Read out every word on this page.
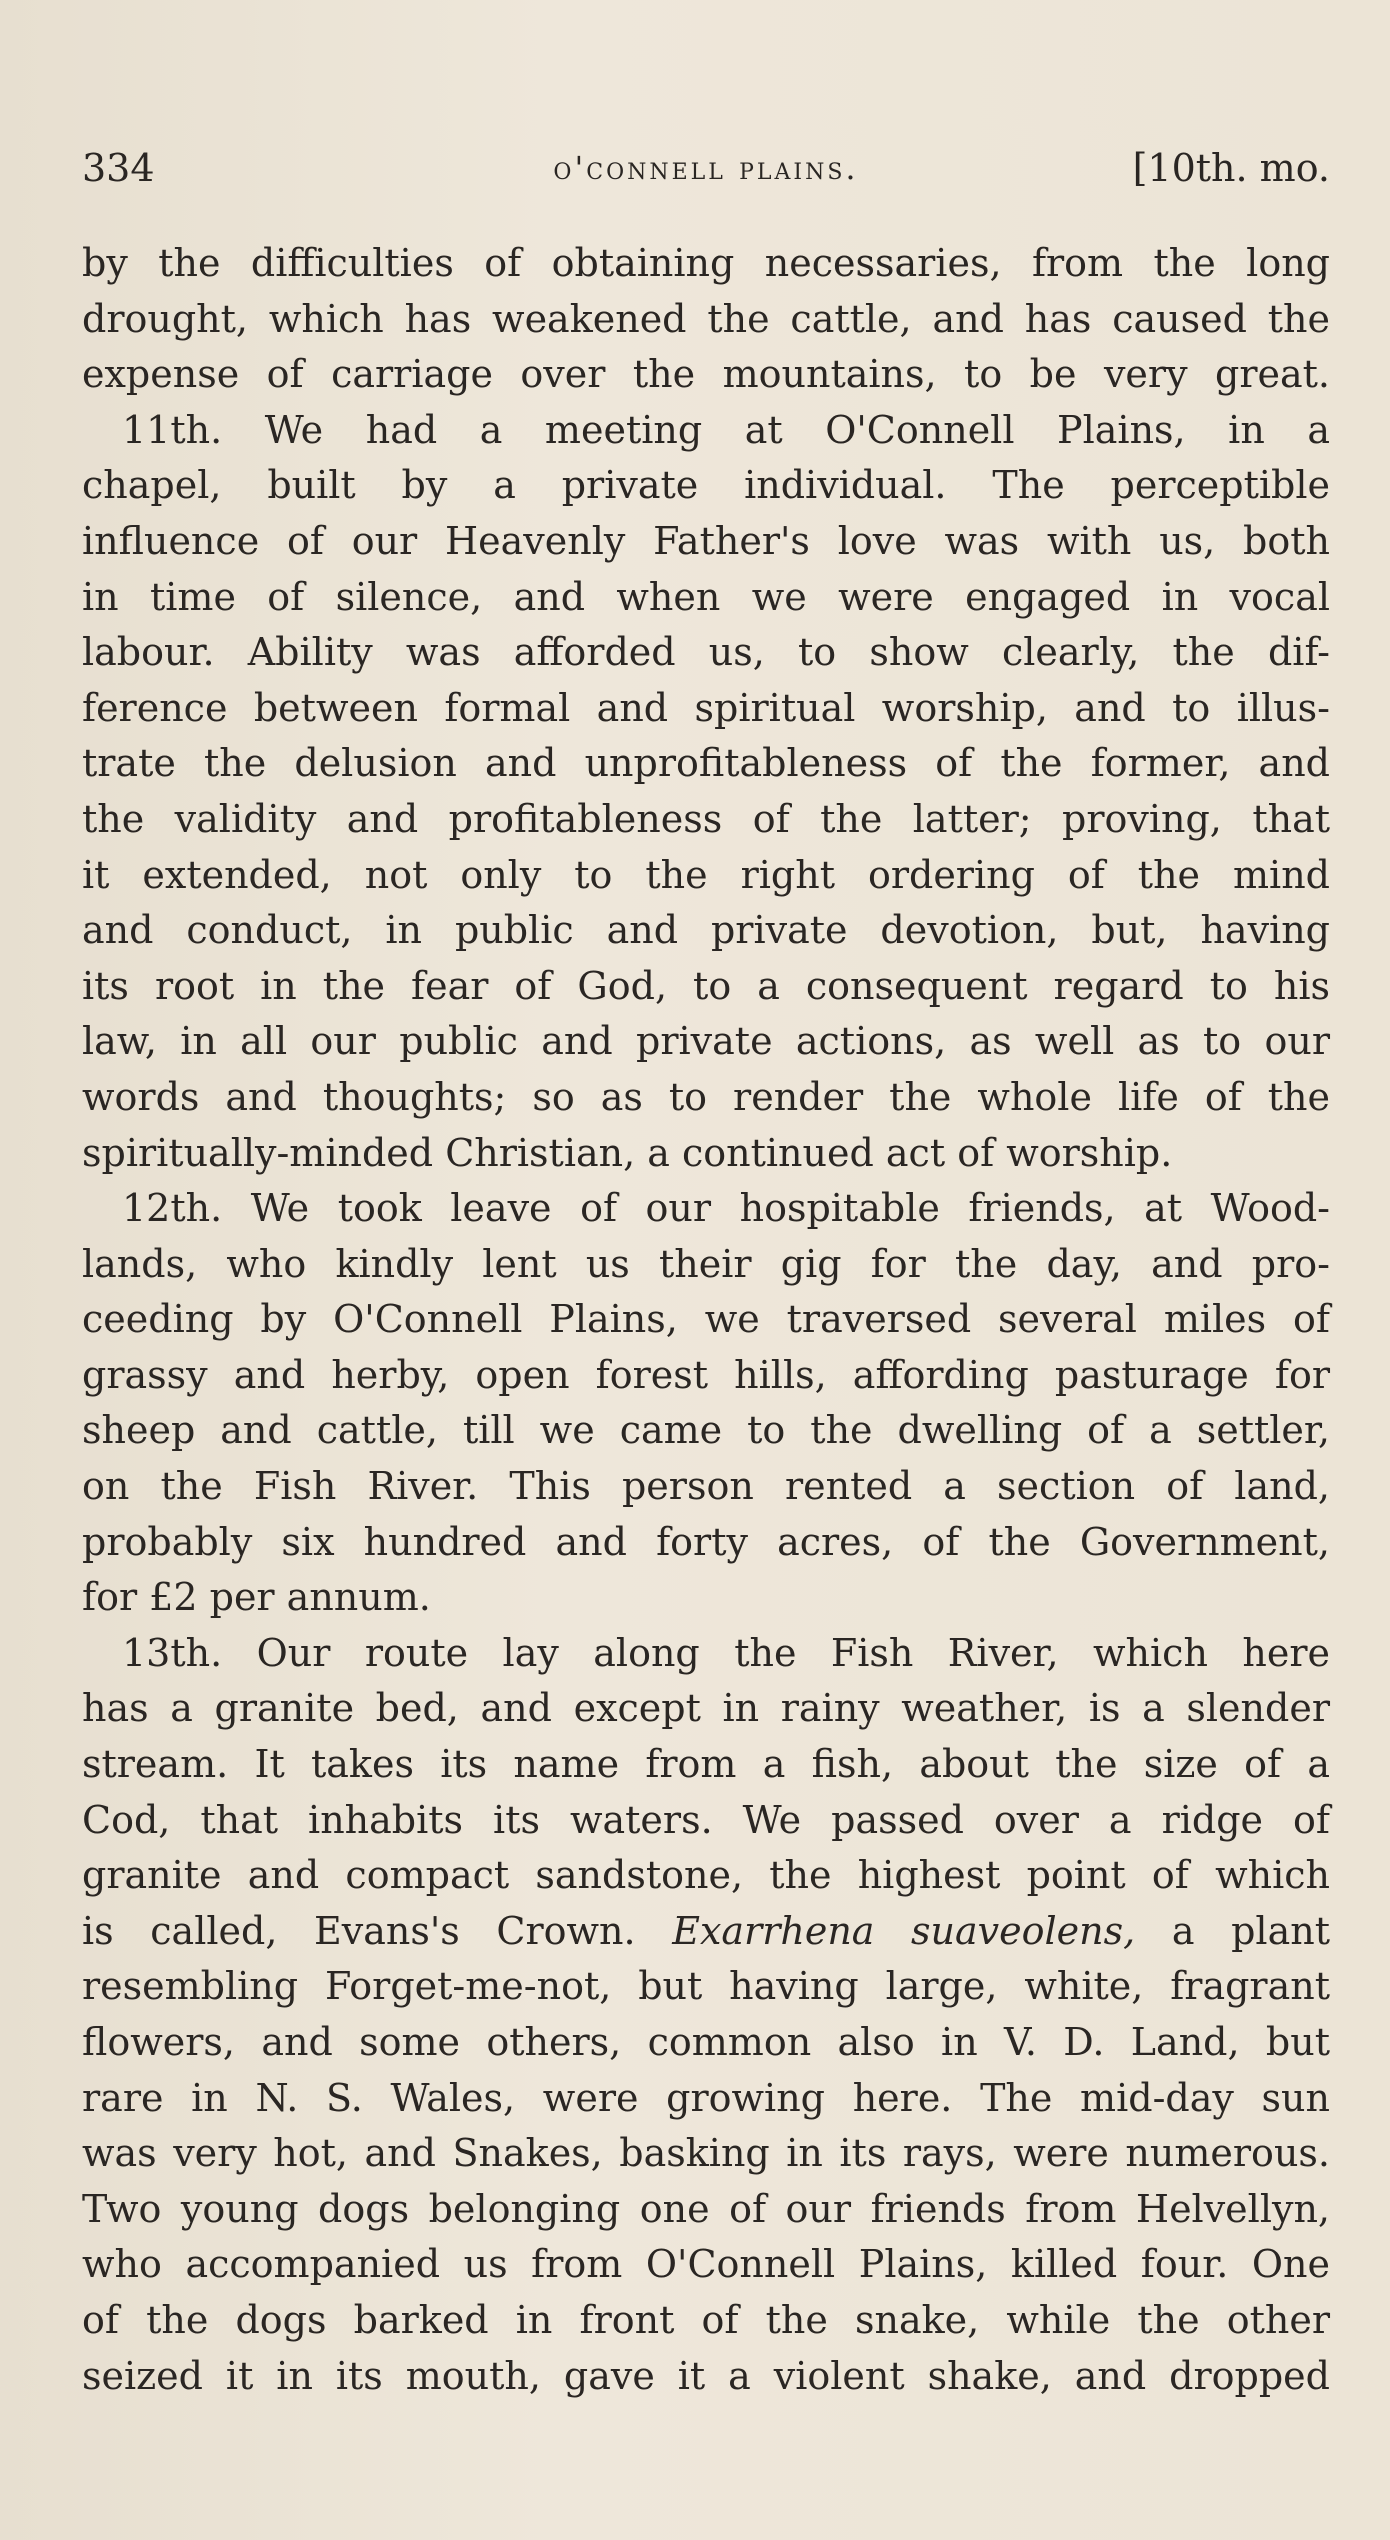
334	o'connell plains.	[10th. mo.
by the difficulties of obtaining necessaries, from the long
drought, which has weakened the cattle, and has caused the
expense of carriage over the mountains, to be very great.
11th. We had a meeting at O'Connell Plains, in a
chapel, built by a private individual. The perceptible
influence of our Heavenly Father's love was with us, both
in time of silence, and when we were engaged in vocal
labour. Ability was afforded us, to show clearly, the dif-
ference between formal and spiritual worship, and to illus-
trate the delusion and unprofitableness of the former, and
the validity and profitableness of the latter; proving, that
it extended, not only to the right ordering of the mind
and conduct, in public and private devotion, but, having
its root in the fear of God, to a consequent regard to his
law, in all our public and private actions, as well as to our
words and thoughts; so as to render the whole life of the
spiritually-minded Christian, a continued act of worship.
12th. We took leave of our hospitable friends, at Wood-
lands, who kindly lent us their gig for the day, and pro-
ceeding by O'Connell Plains, we traversed several miles of
grassy and herby, open forest hills, affording pasturage for
sheep and cattle, till we came to the dwelling of a settler,
on the Fish River. This person rented a section of land,
probably six hundred and forty acres, of the Government,
for £2 per annum.
13th. Our route lay along the Fish River, which here
has a granite bed, and except in rainy weather, is a slender
stream. It takes its name from a fish, about the size of a
Cod, that inhabits its waters. We passed over a ridge of
granite and compact sandstone, the highest point of which
is called, Evans's Crown. Exarrhena suaveolens, a plant
resembling Forget-me-not, but having large, white, fragrant
flowers, and some others, common also in V. D. Land, but
rare in N. S. Wales, were growing here. The mid-day sun
was very hot, and Snakes, basking in its rays, were numerous.
Two young dogs belonging one of our friends from Helvellyn,
who accompanied us from O'Connell Plains, killed four. One
of the dogs barked in front of the snake, while the other
seized it in its mouth, gave it a violent shake, and dropped
